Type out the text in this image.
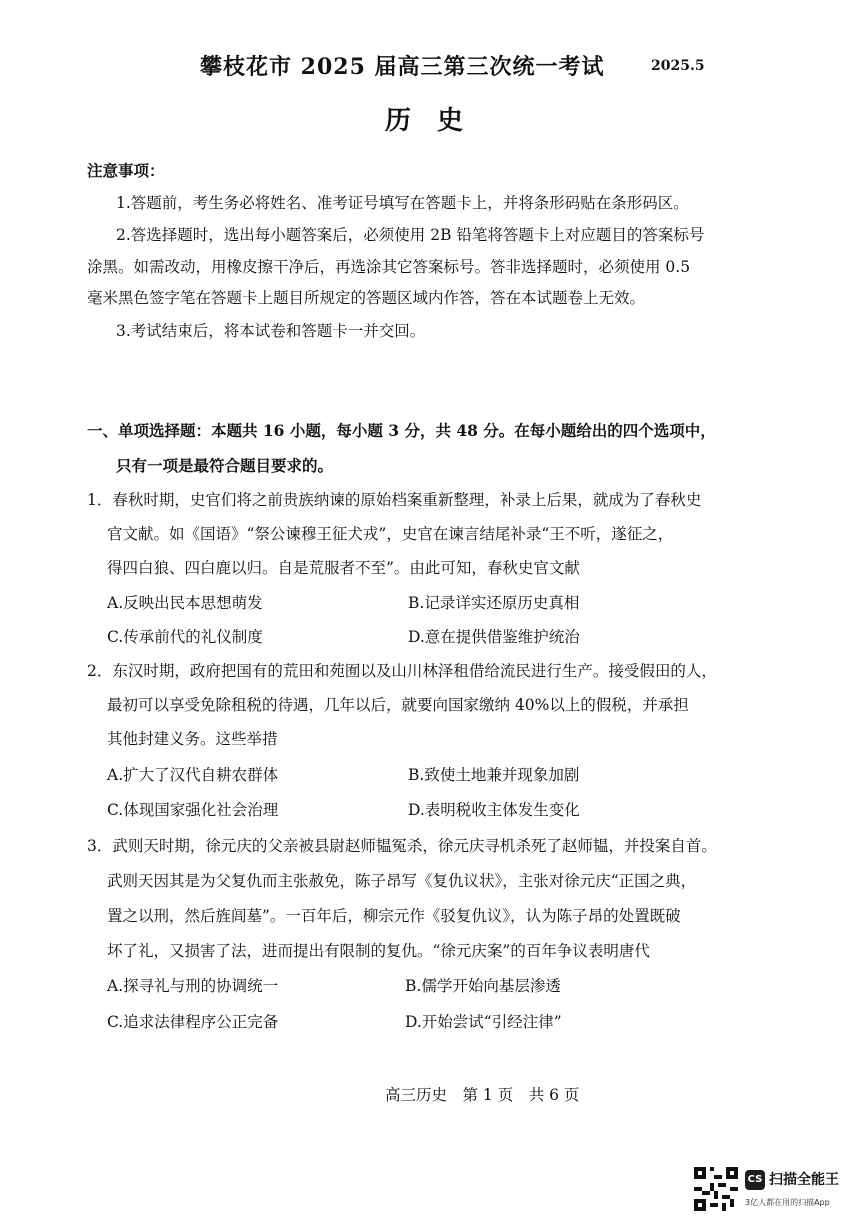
攀枝花市 2025 届高三第三次统一考试	2025.5
历史
注意事项：
1.答题前，考生务必将姓名、准考证号填写在答题卡上，并将条形码贴在条形码区。
2.答选择题时，选出每小题答案后，必须使用 2B 铅笔将答题卡上对应题目的答案标号
涂黑。如需改动，用橡皮擦干净后，再选涂其它答案标号。答非选择题时，必须使用 0.5
毫米黑色签字笔在答题卡上题目所规定的答题区域内作答，答在本试题卷上无效。
3.考试结束后，将本试卷和答题卡一并交回。
一、单项选择题：本题共 16 小题，每小题 3 分，共 48 分。在每小题给出的四个选项中，
只有一项是最符合题目要求的。
1．春秋时期，史官们将之前贵族纳谏的原始档案重新整理，补录上后果，就成为了春秋史
官文献。如《国语》“祭公谏穆王征犬戎”，史官在谏言结尾补录“王不听，遂征之，
得四白狼、四白鹿以归。自是荒服者不至”。由此可知，春秋史官文献
A.反映出民本思想萌发	B.记录详实还原历史真相
C.传承前代的礼仪制度	D.意在提供借鉴维护统治
2．东汉时期，政府把国有的荒田和苑囿以及山川林泽租借给流民进行生产。接受假田的人，
最初可以享受免除租税的待遇，几年以后，就要向国家缴纳 40%以上的假税，并承担
其他封建义务。这些举措
A.扩大了汉代自耕农群体	B.致使土地兼并现象加剧
C.体现国家强化社会治理	D.表明税收主体发生变化
3．武则天时期，徐元庆的父亲被县尉赵师韫冤杀，徐元庆寻机杀死了赵师韫，并投案自首。
武则天因其是为父复仇而主张赦免，陈子昂写《复仇议状》，主张对徐元庆“正国之典，
置之以刑，然后旌闾墓”。一百年后，柳宗元作《驳复仇议》，认为陈子昂的处置既破
坏了礼，又损害了法，进而提出有限制的复仇。“徐元庆案”的百年争议表明唐代
A.探寻礼与刑的协调统一	B.儒学开始向基层渗透
C.追求法律程序公正完备	D.开始尝试“引经注律”
高三历史　第 1 页　共 6 页
CS 扫描全能王
3亿人都在用的扫描App
